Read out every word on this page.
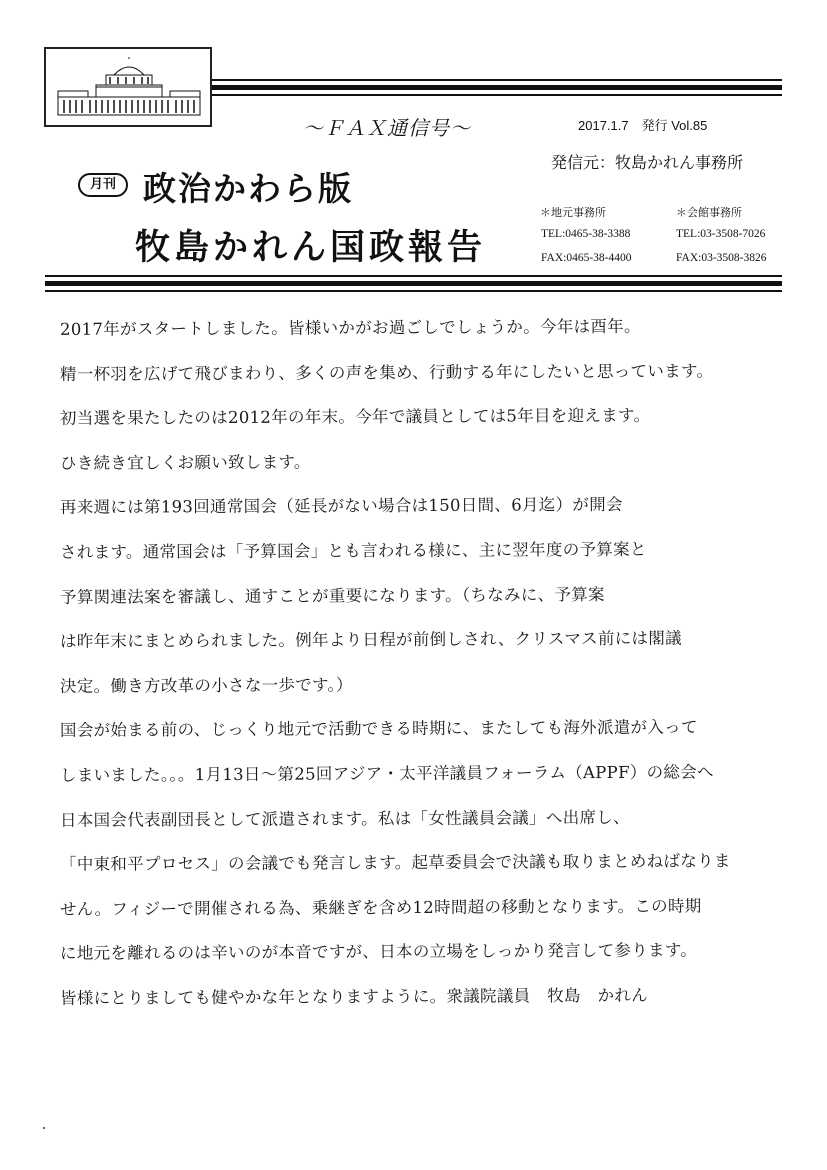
～ＦＡＸ通信号～	2017.1.7　発行 Vol.85
月刊 政治かわら版
牧島かれん国政報告
発信元：牧島かれん事務所
＊地元事務所
TEL:0465-38-3388
FAX:0465-38-4400
＊会館事務所
TEL:03-3508-7026
FAX:03-3508-3826
2017年がスタートしました。皆様いかがお過ごしでしょうか。今年は酉年。
精一杯羽を広げて飛びまわり、多くの声を集め、行動する年にしたいと思っています。
初当選を果たしたのは2012年の年末。今年で議員としては5年目を迎えます。
ひき続き宜しくお願い致します。
再来週には第193回通常国会（延長がない場合は150日間、6月迄）が開会
されます。通常国会は「予算国会」とも言われる様に、主に翌年度の予算案と
予算関連法案を審議し、通すことが重要になります。（ちなみに、予算案
は昨年末にまとめられました。例年より日程が前倒しされ、クリスマス前には閣議
決定。働き方改革の小さな一歩です。）
国会が始まる前の、じっくり地元で活動できる時期に、またしても海外派遣が入って
しまいました。。。1月13日〜第25回アジア・太平洋議員フォーラム（APPF）の総会へ
日本国会代表副団長として派遣されます。私は「女性議員会議」へ出席し、
「中東和平プロセス」の会議でも発言します。起草委員会で決議も取りまとめねばなりま
せん。フィジーで開催される為、乗継ぎを含め12時間超の移動となります。この時期
に地元を離れるのは辛いのが本音ですが、日本の立場をしっかり発言して参ります。
皆様にとりましても健やかな年となりますように。衆議院議員　牧島　かれん
